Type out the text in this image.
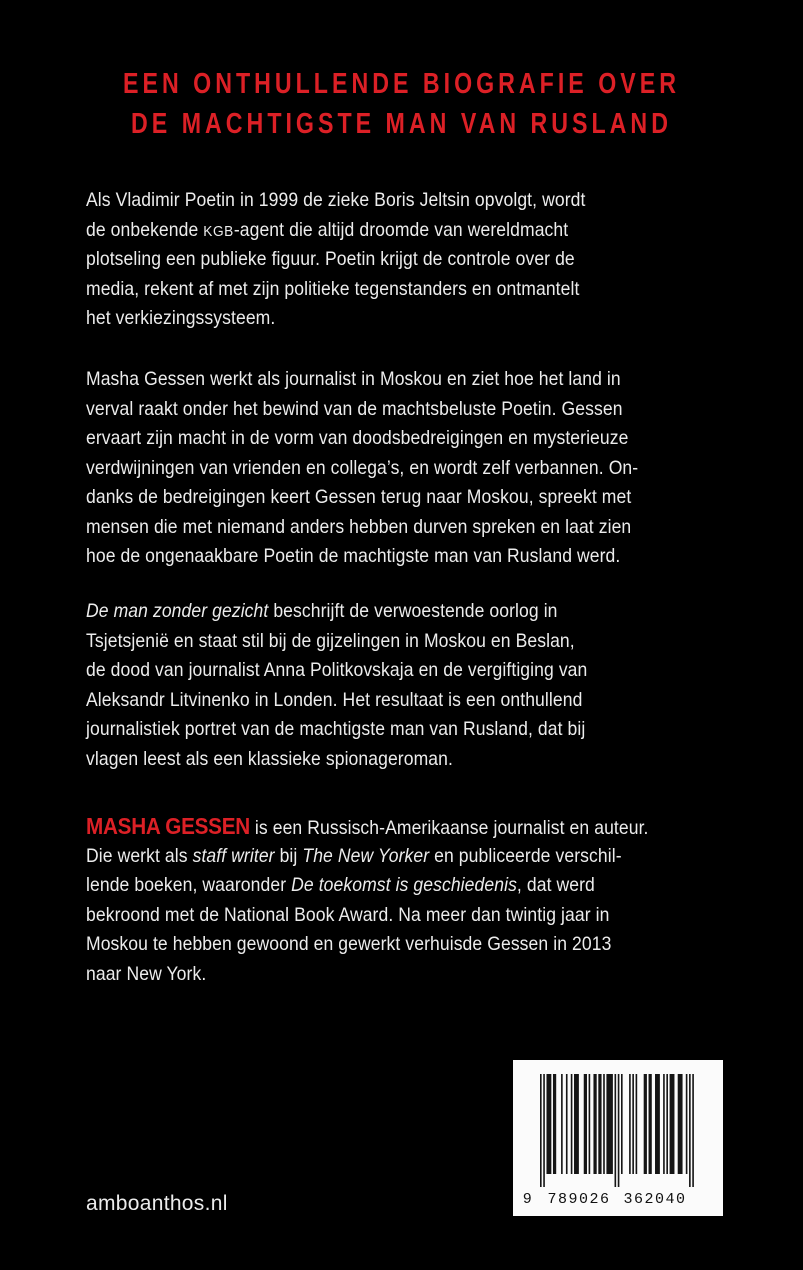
EEN ONTHULLENDE BIOGRAFIE OVER
DE MACHTIGSTE MAN VAN RUSLAND
Als Vladimir Poetin in 1999 de zieke Boris Jeltsin opvolgt, wordt
de onbekende KGB-agent die altijd droomde van wereldmacht
plotseling een publieke figuur. Poetin krijgt de controle over de
media, rekent af met zijn politieke tegenstanders en ontmantelt
het verkiezingssysteem.
Masha Gessen werkt als journalist in Moskou en ziet hoe het land in
verval raakt onder het bewind van de machtsbeluste Poetin. Gessen
ervaart zijn macht in de vorm van doodsbedreigingen en mysterieuze
verdwijningen van vrienden en collega’s, en wordt zelf verbannen. On-
danks de bedreigingen keert Gessen terug naar Moskou, spreekt met
mensen die met niemand anders hebben durven spreken en laat zien
hoe de ongenaakbare Poetin de machtigste man van Rusland werd.
De man zonder gezicht beschrijft de verwoestende oorlog in
Tsjetsjenië en staat stil bij de gijzelingen in Moskou en Beslan,
de dood van journalist Anna Politkovskaja en de vergiftiging van
Aleksandr Litvinenko in Londen. Het resultaat is een onthullend
journalistiek portret van de machtigste man van Rusland, dat bij
vlagen leest als een klassieke spionageroman.
MASHA GESSEN is een Russisch-Amerikaanse journalist en auteur.
Die werkt als staff writer bij The New Yorker en publiceerde verschil-
lende boeken, waaronder De toekomst is geschiedenis, dat werd
bekroond met de National Book Award. Na meer dan twintig jaar in
Moskou te hebben gewoond en gewerkt verhuisde Gessen in 2013
naar New York.
9 789026 362040
amboanthos.nl
